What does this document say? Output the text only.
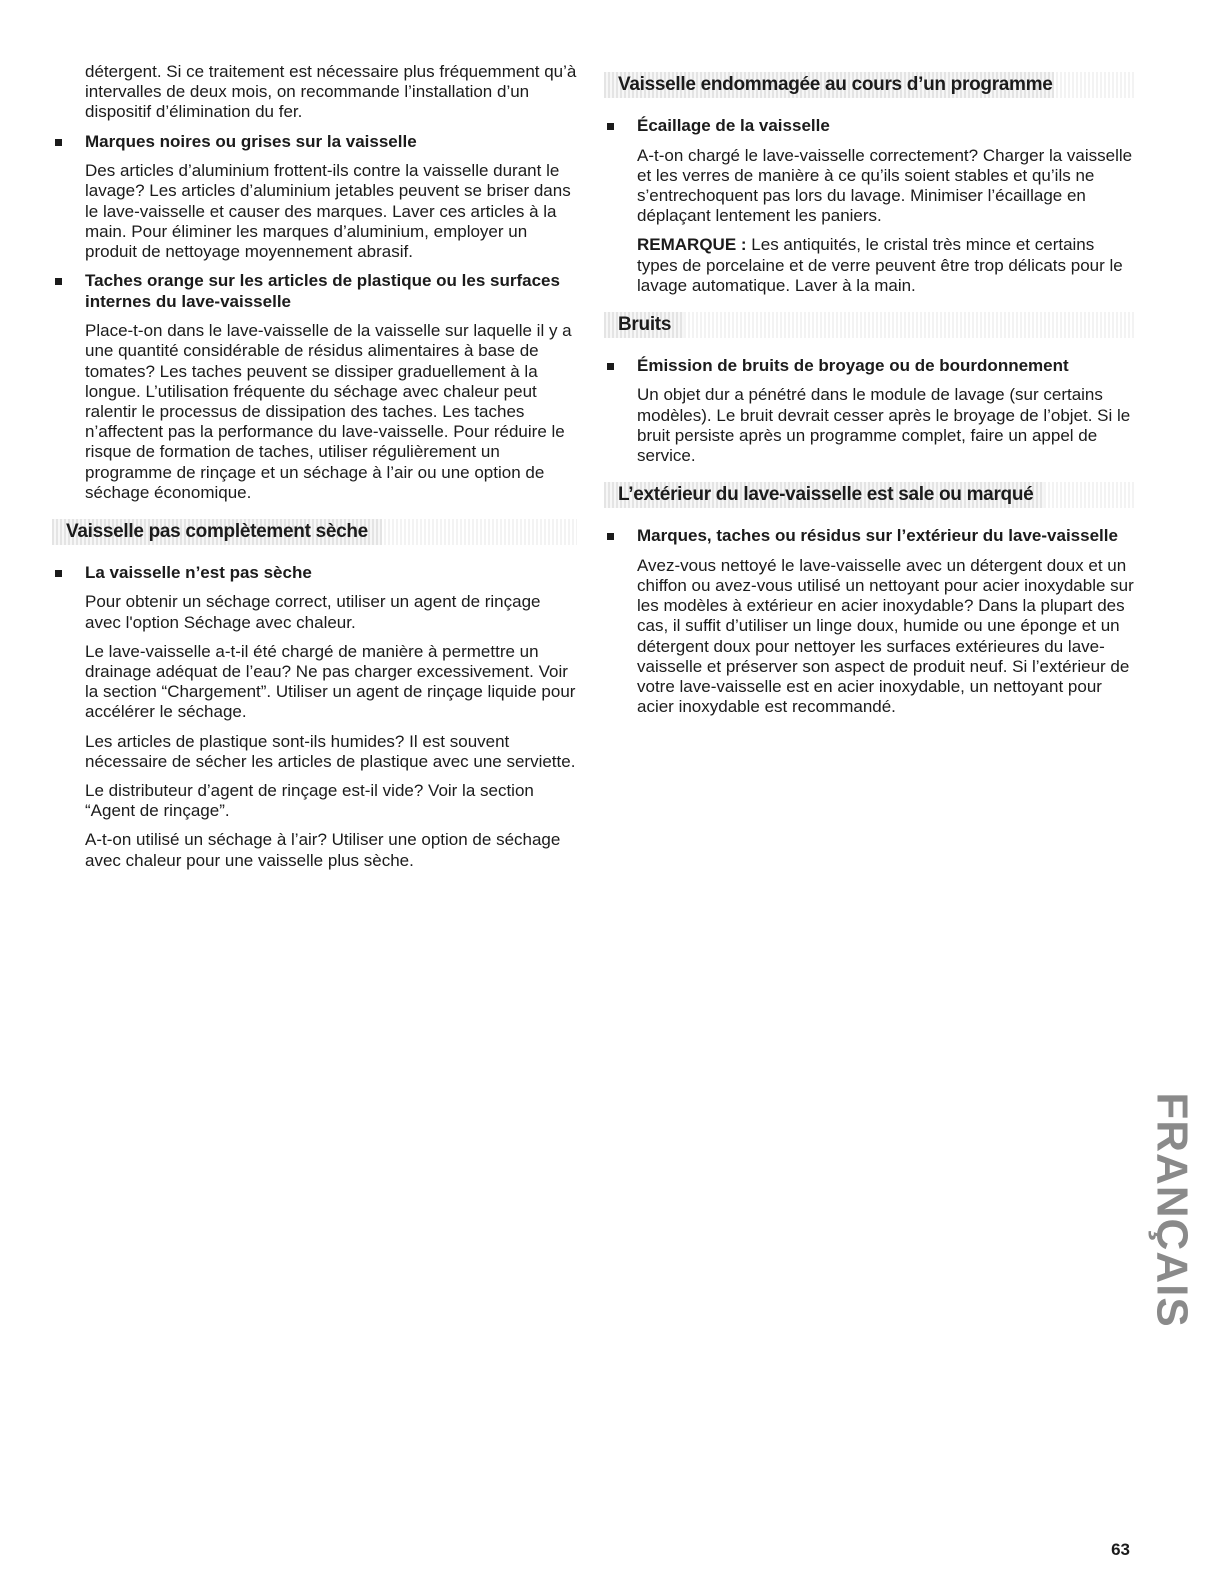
détergent. Si ce traitement est nécessaire plus fréquemment qu’à intervalles de deux mois, on recommande l’installation d’un dispositif d’élimination du fer.

Marques noires ou grises sur la vaisselle

Des articles d’aluminium frottent-ils contre la vaisselle durant le lavage? Les articles d’aluminium jetables peuvent se briser dans le lave-vaisselle et causer des marques. Laver ces articles à la main. Pour éliminer les marques d’aluminium, employer un produit de nettoyage moyennement abrasif.

Taches orange sur les articles de plastique ou les surfaces internes du lave-vaisselle

Place-t-on dans le lave-vaisselle de la vaisselle sur laquelle il y a une quantité considérable de résidus alimentaires à base de tomates? Les taches peuvent se dissiper graduellement à la longue. L’utilisation fréquente du séchage avec chaleur peut ralentir le processus de dissipation des taches. Les taches n’affectent pas la performance du lave-vaisselle. Pour réduire le risque de formation de taches, utiliser régulièrement un programme de rinçage et un séchage à l’air ou une option de séchage économique.

Vaisselle pas complètement sèche
La vaisselle n’est pas sèche

Pour obtenir un séchage correct, utiliser un agent de rinçage avec l'option Séchage avec chaleur.

Le lave-vaisselle a-t-il été chargé de manière à permettre un drainage adéquat de l’eau? Ne pas charger excessivement. Voir la section “Chargement”. Utiliser un agent de rinçage liquide pour accélérer le séchage.

Les articles de plastique sont-ils humides? Il est souvent nécessaire de sécher les articles de plastique avec une serviette.

Le distributeur d’agent de rinçage est-il vide? Voir la section “Agent de rinçage”.

A-t-on utilisé un séchage à l’air? Utiliser une option de séchage avec chaleur pour une vaisselle plus sèche.

Vaisselle endommagée au cours d’un programme
Écaillage de la vaisselle

A-t-on chargé le lave-vaisselle correctement? Charger la vaisselle et les verres de manière à ce qu’ils soient stables et qu’ils ne s’entrechoquent pas lors du lavage. Minimiser l’écaillage en déplaçant lentement les paniers.

REMARQUE : Les antiquités, le cristal très mince et certains types de porcelaine et de verre peuvent être trop délicats pour le lavage automatique. Laver à la main.

Bruits
Émission de bruits de broyage ou de bourdonnement

Un objet dur a pénétré dans le module de lavage (sur certains modèles). Le bruit devrait cesser après le broyage de l’objet. Si le bruit persiste après un programme complet, faire un appel de service.

L’extérieur du lave-vaisselle est sale ou marqué
Marques, taches ou résidus sur l’extérieur du lave-vaisselle

Avez-vous nettoyé le lave-vaisselle avec un détergent doux et un chiffon ou avez-vous utilisé un nettoyant pour acier inoxydable sur les modèles à extérieur en acier inoxydable? Dans la plupart des cas, il suffit d’utiliser un linge doux, humide ou une éponge et un détergent doux pour nettoyer les surfaces extérieures du lave-vaisselle et préserver son aspect de produit neuf. Si l’extérieur de votre lave-vaisselle est en acier inoxydable, un nettoyant pour acier inoxydable est recommandé.

FRANÇAIS
63
